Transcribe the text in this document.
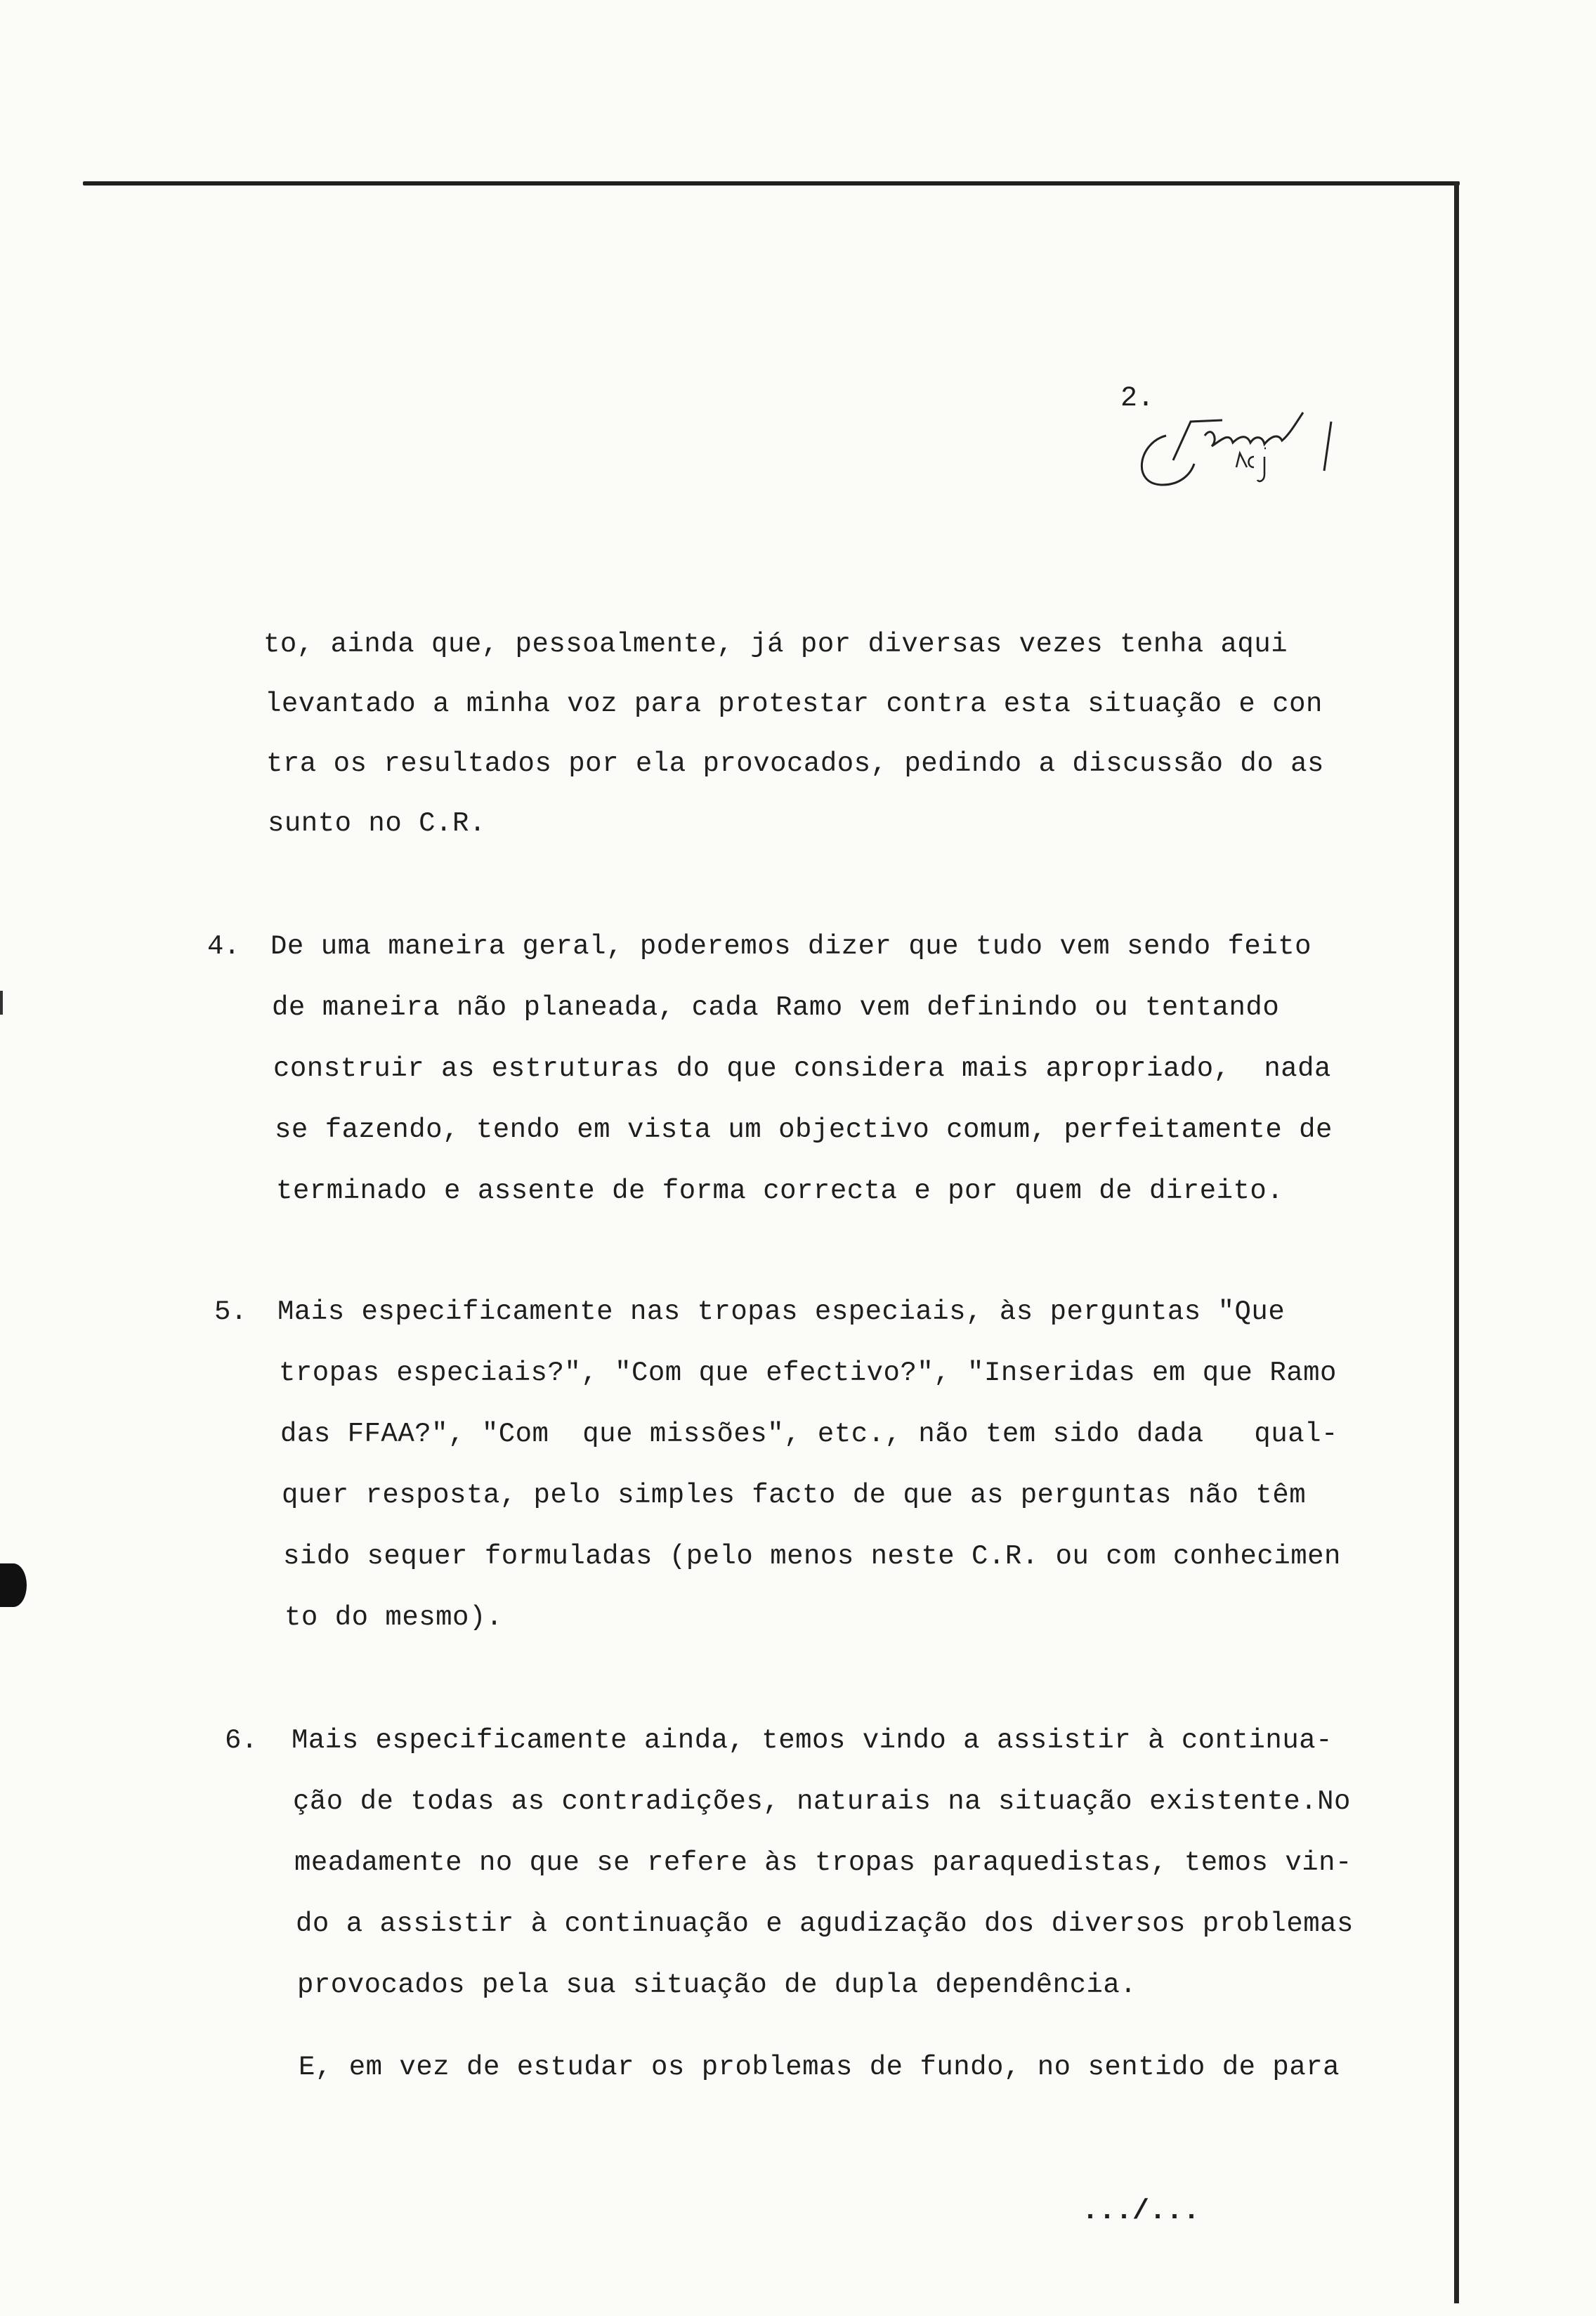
2.
to, ainda que, pessoalmente, já por diversas vezes tenha aqui
levantado a minha voz para protestar contra esta situação e con
tra os resultados por ela provocados, pedindo a discussão do as
sunto no C.R.
4. De uma maneira geral, poderemos dizer que tudo vem sendo feito
de maneira não planeada, cada Ramo vem definindo ou tentando
construir as estruturas do que considera mais apropriado,  nada
se fazendo, tendo em vista um objectivo comum, perfeitamente de
terminado e assente de forma correcta e por quem de direito.
5. Mais especificamente nas tropas especiais, às perguntas "Que
tropas especiais?", "Com que efectivo?", "Inseridas em que Ramo
das FFAA?", "Com  que missões", etc., não tem sido dada   qual-
quer resposta, pelo simples facto de que as perguntas não têm
sido sequer formuladas (pelo menos neste C.R. ou com conhecimen
to do mesmo).
6. Mais especificamente ainda, temos vindo a assistir à continua-
ção de todas as contradições, naturais na situação existente.No
meadamente no que se refere às tropas paraquedistas, temos vin-
do a assistir à continuação e agudização dos diversos problemas
provocados pela sua situação de dupla dependência.
E, em vez de estudar os problemas de fundo, no sentido de para
.../...
